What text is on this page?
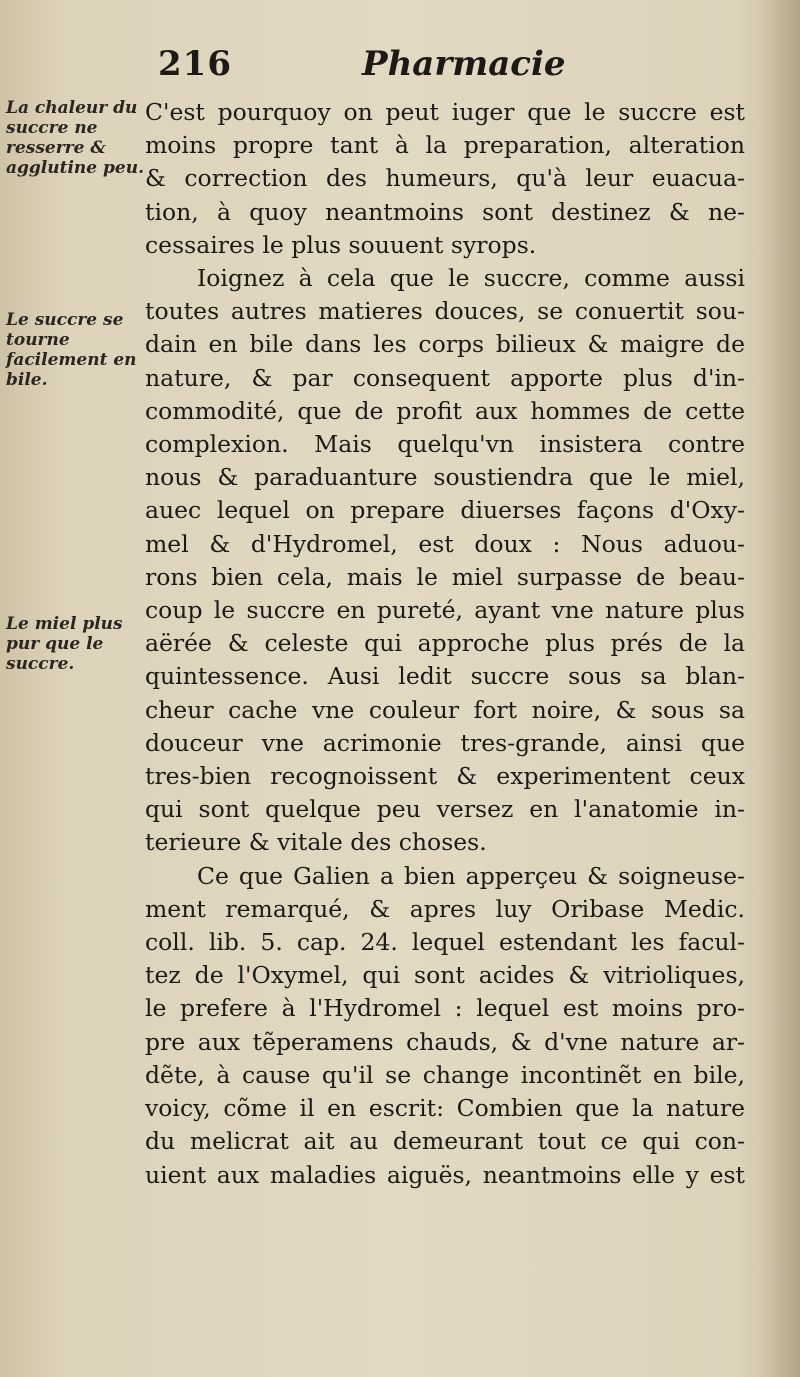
216	Pharmacie
La chaleur du succre ne resserre & agglutine peu.
Le succre se tourne facilement en bile.
Le miel plus pur que le succre.
C'est pourquoy on peut iuger que le succre est
moins propre tant à la preparation, alteration
& correction des humeurs, qu'à leur euacua-
tion, à quoy neantmoins sont destinez & ne-
cessaires le plus souuent syrops.
Ioignez à cela que le succre, comme aussi
toutes autres matieres douces, se conuertit sou-
dain en bile dans les corps bilieux & maigre de
nature, & par consequent apporte plus d'in-
commodité, que de profit aux hommes de cette
complexion. Mais quelqu'vn insistera contre
nous & paraduanture soustiendra que le miel,
auec lequel on prepare diuerses façons d'Oxy-
mel & d'Hydromel, est doux : Nous aduou-
rons bien cela, mais le miel surpasse de beau-
coup le succre en pureté, ayant vne nature plus
aërée & celeste qui approche plus prés de la
quintessence. Ausi ledit succre sous sa blan-
cheur cache vne couleur fort noire, & sous sa
douceur vne acrimonie tres-grande, ainsi que
tres-bien recognoissent & experimentent ceux
qui sont quelque peu versez en l'anatomie in-
terieure & vitale des choses.
Ce que Galien a bien apperçeu & soigneuse-
ment remarqué, & apres luy Oribase Medic.
coll. lib. 5. cap. 24. lequel estendant les facul-
tez de l'Oxymel, qui sont acides & vitrioliques,
le prefere à l'Hydromel : lequel est moins pro-
pre aux tẽperamens chauds, & d'vne nature ar-
dẽte, à cause qu'il se change incontinẽt en bile,
voicy, cõme il en escrit: Combien que la nature
du melicrat ait au demeurant tout ce qui con-
uient aux maladies aiguës, neantmoins elle y est
